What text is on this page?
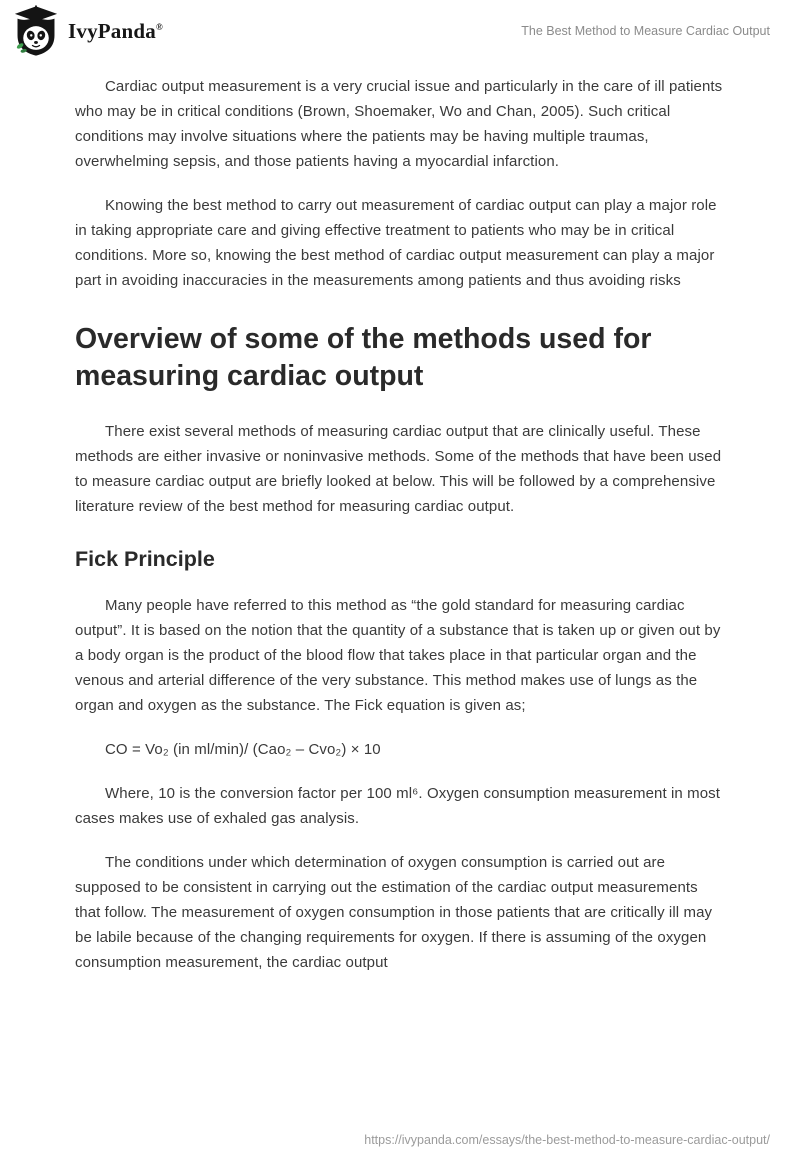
IvyPanda®	The Best Method to Measure Cardiac Output

Cardiac output measurement is a very crucial issue and particularly in the care of ill patients who may be in critical conditions (Brown, Shoemaker, Wo and Chan, 2005). Such critical conditions may involve situations where the patients may be having multiple traumas, overwhelming sepsis, and those patients having a myocardial infarction.

Knowing the best method to carry out measurement of cardiac output can play a major role in taking appropriate care and giving effective treatment to patients who may be in critical conditions. More so, knowing the best method of cardiac output measurement can play a major part in avoiding inaccuracies in the measurements among patients and thus avoiding risks

Overview of some of the methods used for measuring cardiac output

There exist several methods of measuring cardiac output that are clinically useful. These methods are either invasive or noninvasive methods. Some of the methods that have been used to measure cardiac output are briefly looked at below. This will be followed by a comprehensive literature review of the best method for measuring cardiac output.

Fick Principle

Many people have referred to this method as “the gold standard for measuring cardiac output”. It is based on the notion that the quantity of a substance that is taken up or given out by a body organ is the product of the blood flow that takes place in that particular organ and the venous and arterial difference of the very substance. This method makes use of lungs as the organ and oxygen as the substance. The Fick equation is given as;

CO = Vo₂ (in ml/min)/ (Cao₂ – Cvo₂) × 10

Where, 10 is the conversion factor per 100 ml⁶. Oxygen consumption measurement in most cases makes use of exhaled gas analysis.

The conditions under which determination of oxygen consumption is carried out are supposed to be consistent in carrying out the estimation of the cardiac output measurements that follow. The measurement of oxygen consumption in those patients that are critically ill may be labile because of the changing requirements for oxygen. If there is assuming of the oxygen consumption measurement, the cardiac output

https://ivypanda.com/essays/the-best-method-to-measure-cardiac-output/
